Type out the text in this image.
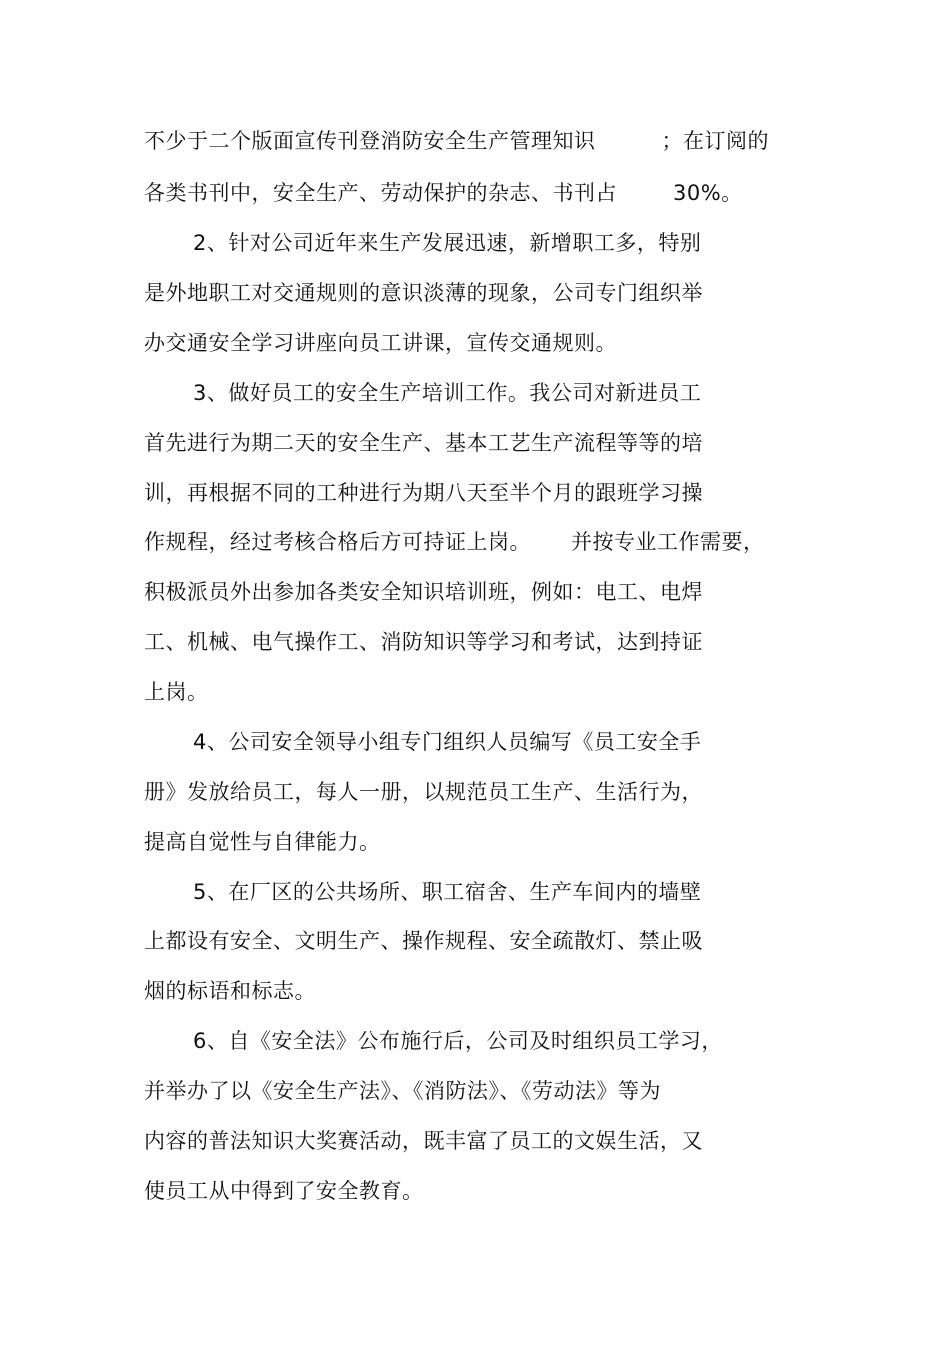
不少于二个版面宣传刊登消防安全生产管理知识	；在订阅的
各类书刊中，安全生产、劳动保护的杂志、书刊占	30%。
2、针对公司近年来生产发展迅速，新增职工多，特别
是外地职工对交通规则的意识淡薄的现象，公司专门组织举
办交通安全学习讲座向员工讲课，宣传交通规则。
3、做好员工的安全生产培训工作。我公司对新进员工
首先进行为期二天的安全生产、基本工艺生产流程等等的培
训，再根据不同的工种进行为期八天至半个月的跟班学习操
作规程，经过考核合格后方可持证上岗。 并按专业工作需要，
积极派员外出参加各类安全知识培训班，例如：电工、电焊
工、机械、电气操作工、消防知识等学习和考试，达到持证
上岗。
4、公司安全领导小组专门组织人员编写《员工安全手
册》发放给员工，每人一册，以规范员工生产、生活行为，
提高自觉性与自律能力。
5、在厂区的公共场所、职工宿舍、生产车间内的墙壁
上都设有安全、文明生产、操作规程、安全疏散灯、禁止吸
烟的标语和标志。
6、自《安全法》公布施行后，公司及时组织员工学习，
并举办了以《安全生产法》、《消防法》、《劳动法》等为
内容的普法知识大奖赛活动，既丰富了员工的文娱生活，又
使员工从中得到了安全教育。
